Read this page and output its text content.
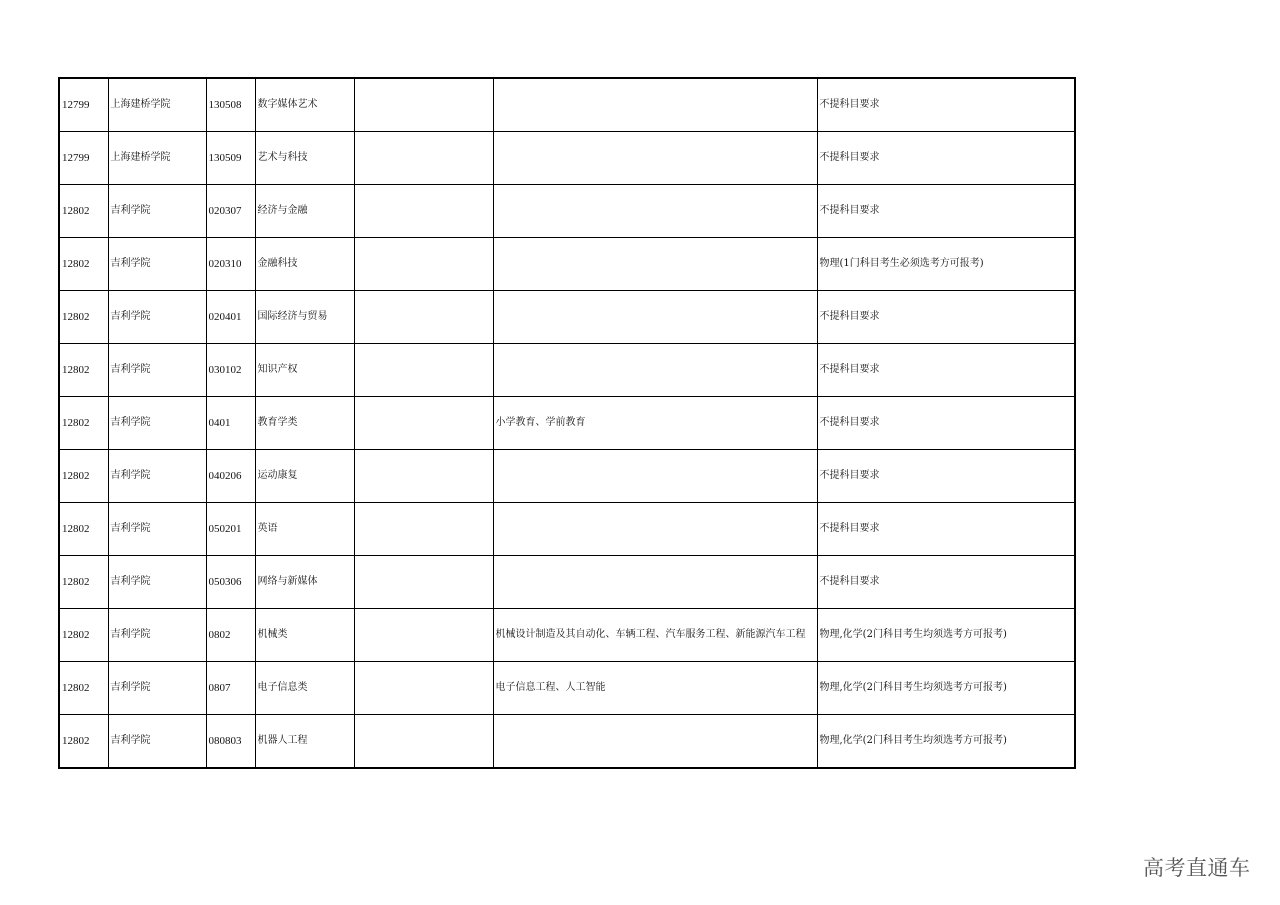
12799	上海建桥学院	130508	数字媒体艺术			不提科目要求
12799	上海建桥学院	130509	艺术与科技			不提科目要求
12802	吉利学院	020307	经济与金融			不提科目要求
12802	吉利学院	020310	金融科技			物理(1门科目考生必须选考方可报考)
12802	吉利学院	020401	国际经济与贸易			不提科目要求
12802	吉利学院	030102	知识产权			不提科目要求
12802	吉利学院	0401	教育学类		小学教育、学前教育	不提科目要求
12802	吉利学院	040206	运动康复			不提科目要求
12802	吉利学院	050201	英语			不提科目要求
12802	吉利学院	050306	网络与新媒体			不提科目要求
12802	吉利学院	0802	机械类		机械设计制造及其自动化、车辆工程、汽车服务工程、新能源汽车工程	物理,化学(2门科目考生均须选考方可报考)
12802	吉利学院	0807	电子信息类		电子信息工程、人工智能	物理,化学(2门科目考生均须选考方可报考)
12802	吉利学院	080803	机器人工程			物理,化学(2门科目考生均须选考方可报考)
高考直通车
